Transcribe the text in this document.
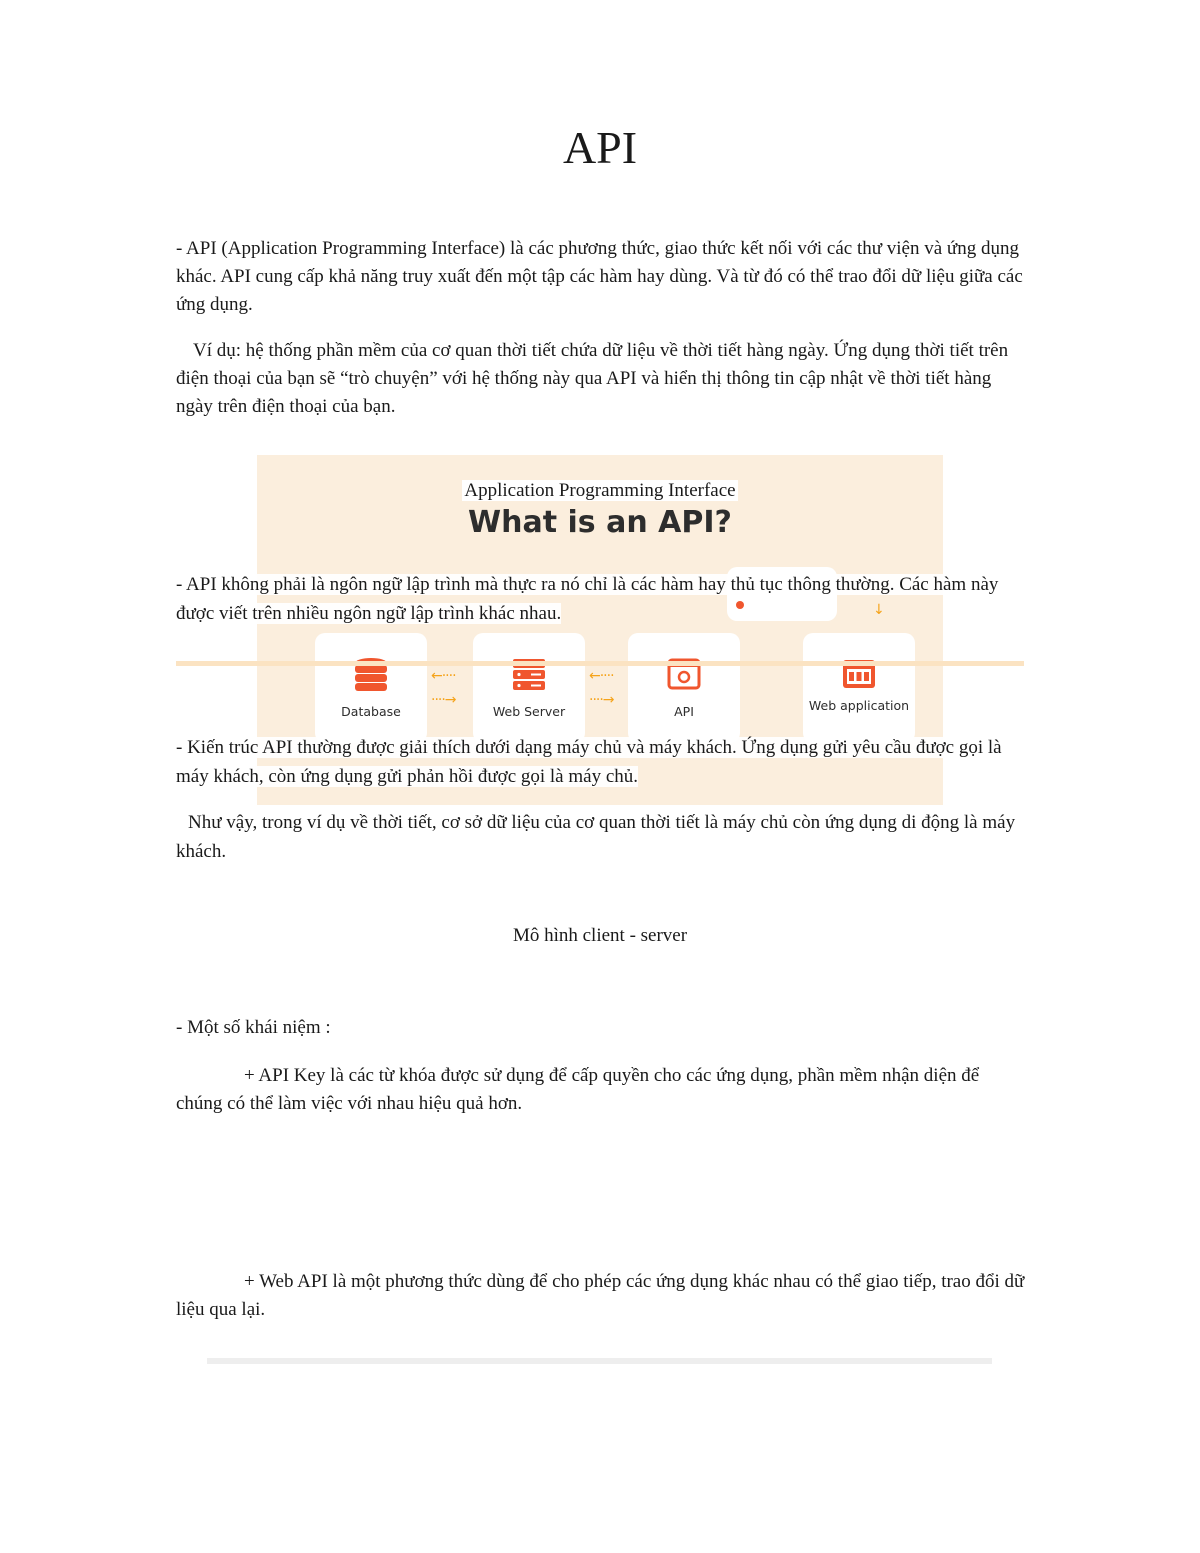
API
- API (Application Programming Interface) là các phương thức, giao thức kết nối với các thư viện và ứng dụng khác. API cung cấp khả năng truy xuất đến một tập các hàm hay dùng. Và từ đó có thể trao đổi dữ liệu giữa các ứng dụng.
Ví dụ: hệ thống phần mềm của cơ quan thời tiết chứa dữ liệu về thời tiết hàng ngày. Ứng dụng thời tiết trên điện thoại của bạn sẽ “trò chuyện” với hệ thống này qua API và hiển thị thông tin cập nhật về thời tiết hàng ngày trên điện thoại của bạn.
Application Programming Interface
What is an API?
↓
Database
←····
····→
Web Server
←····
····→
API	Web application
- API không phải là ngôn ngữ lập trình mà thực ra nó chỉ là các hàm hay thủ tục thông thường. Các hàm này được viết trên nhiều ngôn ngữ lập trình khác nhau.
- Kiến trúc API thường được giải thích dưới dạng máy chủ và máy khách. Ứng dụng gửi yêu cầu được gọi là máy khách, còn ứng dụng gửi phản hồi được gọi là máy chủ.
Như vậy, trong ví dụ về thời tiết, cơ sở dữ liệu của cơ quan thời tiết là máy chủ còn ứng dụng di động là máy khách.
Mô hình client - server
- Một số khái niệm :
+ API Key là các từ khóa được sử dụng để cấp quyền cho các ứng dụng, phần mềm nhận diện để chúng có thể làm việc với nhau hiệu quả hơn.
+ Web API là một phương thức dùng để cho phép các ứng dụng khác nhau có thể giao tiếp, trao đổi dữ liệu qua lại.
